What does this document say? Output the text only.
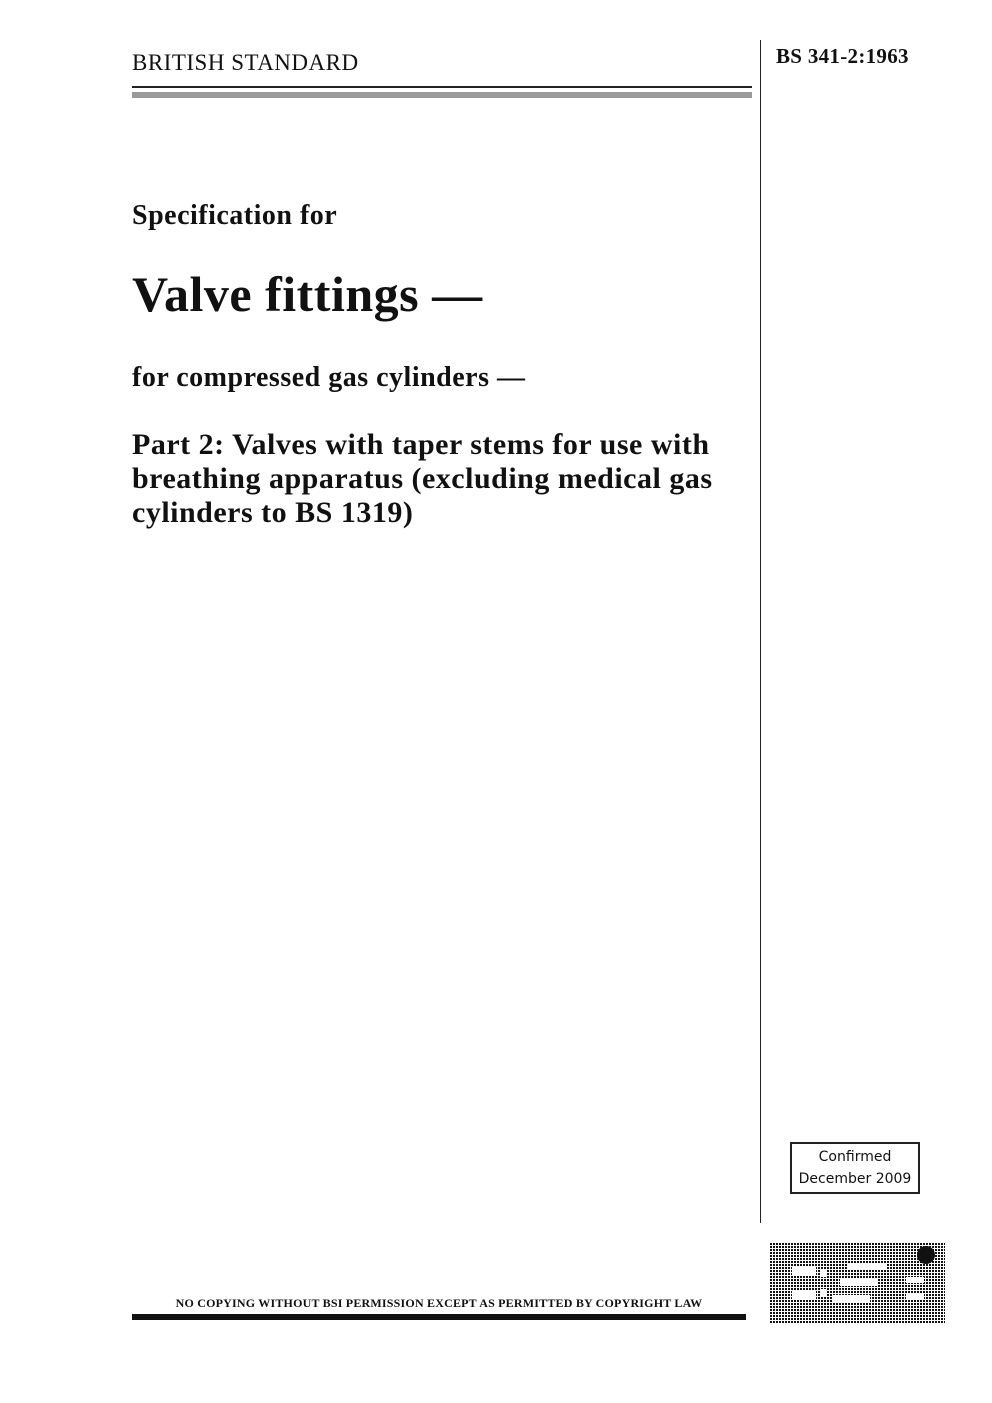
BRITISH STANDARD	BS 341-2:1963
Specification for
Valve fittings —
for compressed gas cylinders —
Part 2: Valves with taper stems for use with breathing apparatus (excluding medical gas cylinders to BS 1319)
Confirmed
December 2009
NO COPYING WITHOUT BSI PERMISSION EXCEPT AS PERMITTED BY COPYRIGHT LAW
